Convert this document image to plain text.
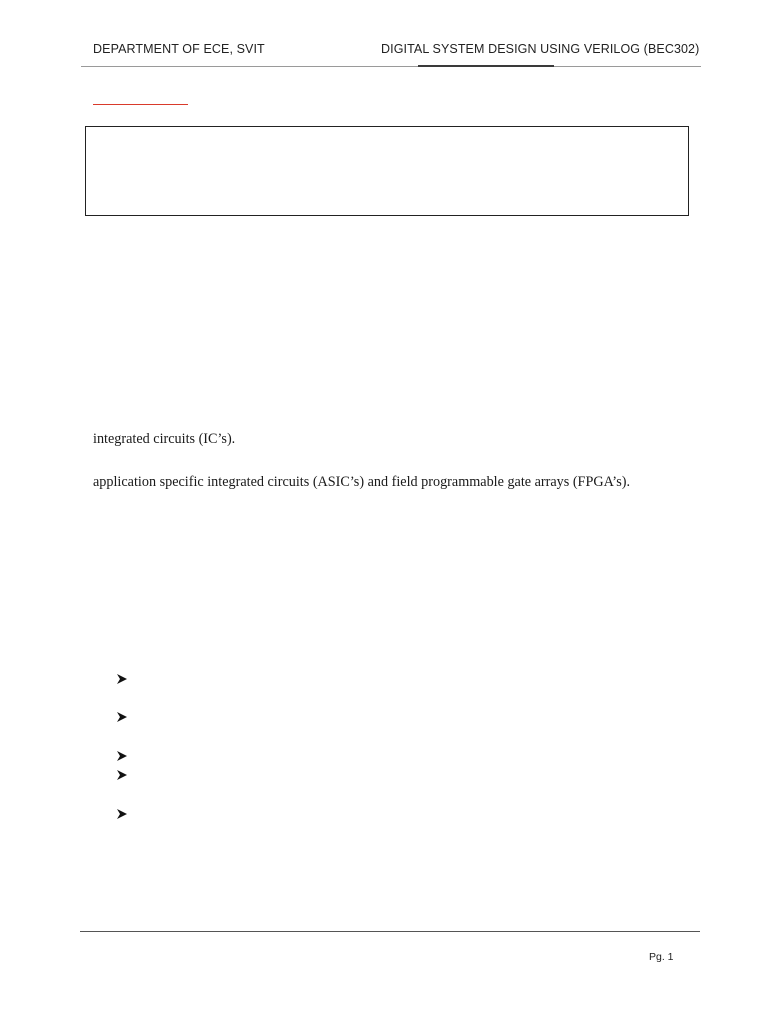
DEPARTMENT OF ECE, SVIT	DIGITAL SYSTEM DESIGN USING VERILOG (BEC302)
integrated circuits (IC’s).
application specific integrated circuits (ASIC’s) and field programmable gate arrays (FPGA’s).
Pg. 1
